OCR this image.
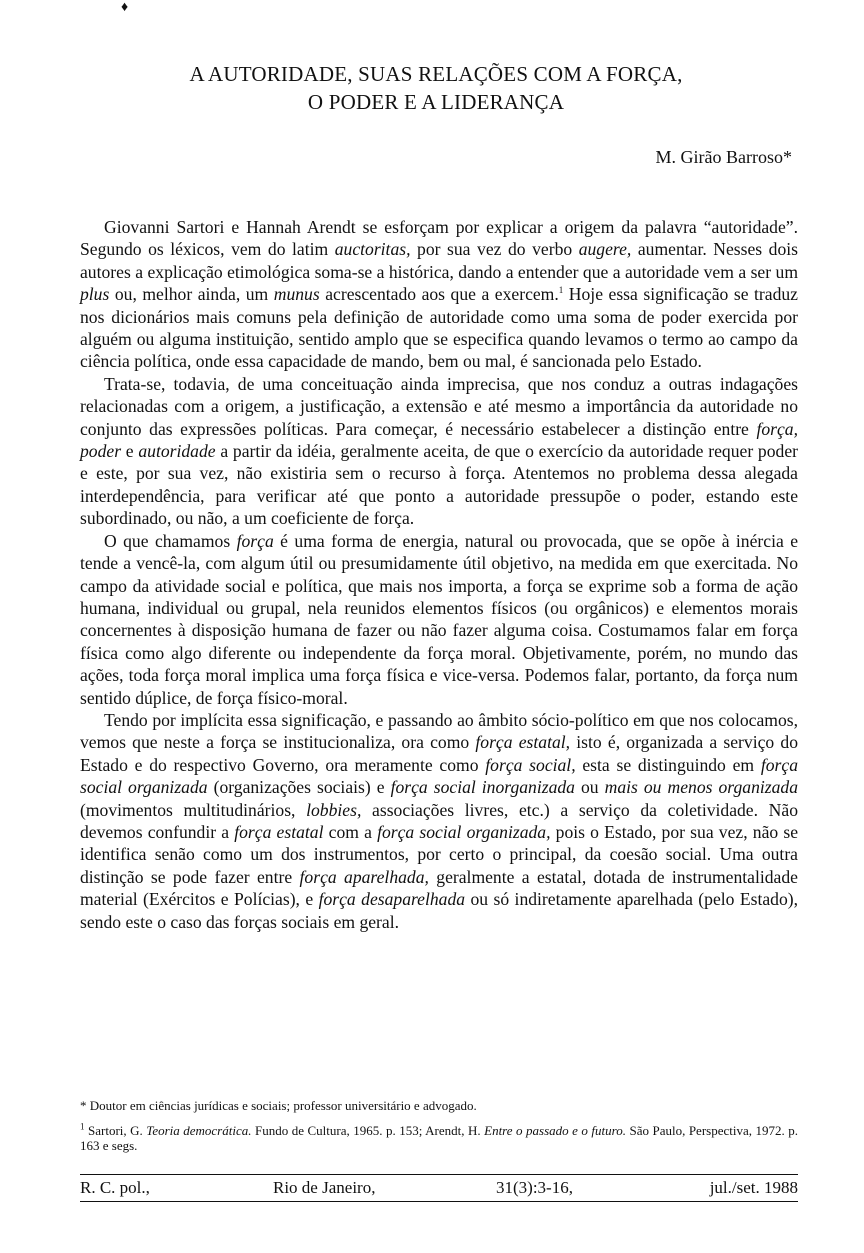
♦
A AUTORIDADE, SUAS RELAÇÕES COM A FORÇA,
O PODER E A LIDERANÇA
M. Girão Barroso*

Giovanni Sartori e Hannah Arendt se esforçam por explicar a origem da palavra “autoridade”. Segundo os léxicos, vem do latim auctoritas, por sua vez do verbo augere, aumentar. Nesses dois autores a explicação etimológica soma-se a histórica, dando a entender que a autoridade vem a ser um plus ou, melhor ainda, um munus acrescentado aos que a exercem.$^1$ Hoje essa significação se traduz nos dicionários mais comuns pela definição de autoridade como uma soma de poder exercida por alguém ou alguma instituição, sentido amplo que se especifica quando levamos o termo ao campo da ciência política, onde essa capacidade de mando, bem ou mal, é sancionada pelo Estado.

Trata-se, todavia, de uma conceituação ainda imprecisa, que nos conduz a outras indagações relacionadas com a origem, a justificação, a extensão e até mesmo a importância da autoridade no conjunto das expressões políticas. Para começar, é necessário estabelecer a distinção entre força, poder e autoridade a partir da idéia, geralmente aceita, de que o exercício da autoridade requer poder e este, por sua vez, não existiria sem o recurso à força. Atentemos no problema dessa alegada interdependência, para verificar até que ponto a autoridade pressupõe o poder, estando este subordinado, ou não, a um coeficiente de força.

O que chamamos força é uma forma de energia, natural ou provocada, que se opõe à inércia e tende a vencê-la, com algum útil ou presumidamente útil objetivo, na medida em que exercitada. No campo da atividade social e política, que mais nos importa, a força se exprime sob a forma de ação humana, individual ou grupal, nela reunidos elementos físicos (ou orgânicos) e elementos morais concernentes à disposição humana de fazer ou não fazer alguma coisa. Costumamos falar em força física como algo diferente ou independente da força moral. Objetivamente, porém, no mundo das ações, toda força moral implica uma força física e vice-versa. Podemos falar, portanto, da força num sentido dúplice, de força físico-moral.

Tendo por implícita essa significação, e passando ao âmbito sócio-político em que nos colocamos, vemos que neste a força se institucionaliza, ora como força estatal, isto é, organizada a serviço do Estado e do respectivo Governo, ora meramente como força social, esta se distinguindo em força social organizada (organizações sociais) e força social inorganizada ou mais ou menos organizada (movimentos multitudinários, lobbies, associações livres, etc.) a serviço da coletividade. Não devemos confundir a força estatal com a força social organizada, pois o Estado, por sua vez, não se identifica senão como um dos instrumentos, por certo o principal, da coesão social. Uma outra distinção se pode fazer entre força aparelhada, geralmente a estatal, dotada de instrumentalidade material (Exércitos e Polícias), e força desaparelhada ou só indiretamente aparelhada (pelo Estado), sendo este o caso das forças sociais em geral.

* Doutor em ciências jurídicas e sociais; professor universitário e advogado.

$^1$ Sartori, G. Teoria democrática. Fundo de Cultura, 1965. p. 153; Arendt, H. Entre o passado e o futuro. São Paulo, Perspectiva, 1972. p. 163 e segs.

R. C. pol.,	Rio de Janeiro,	31(3):3-16,	jul./set. 1988
